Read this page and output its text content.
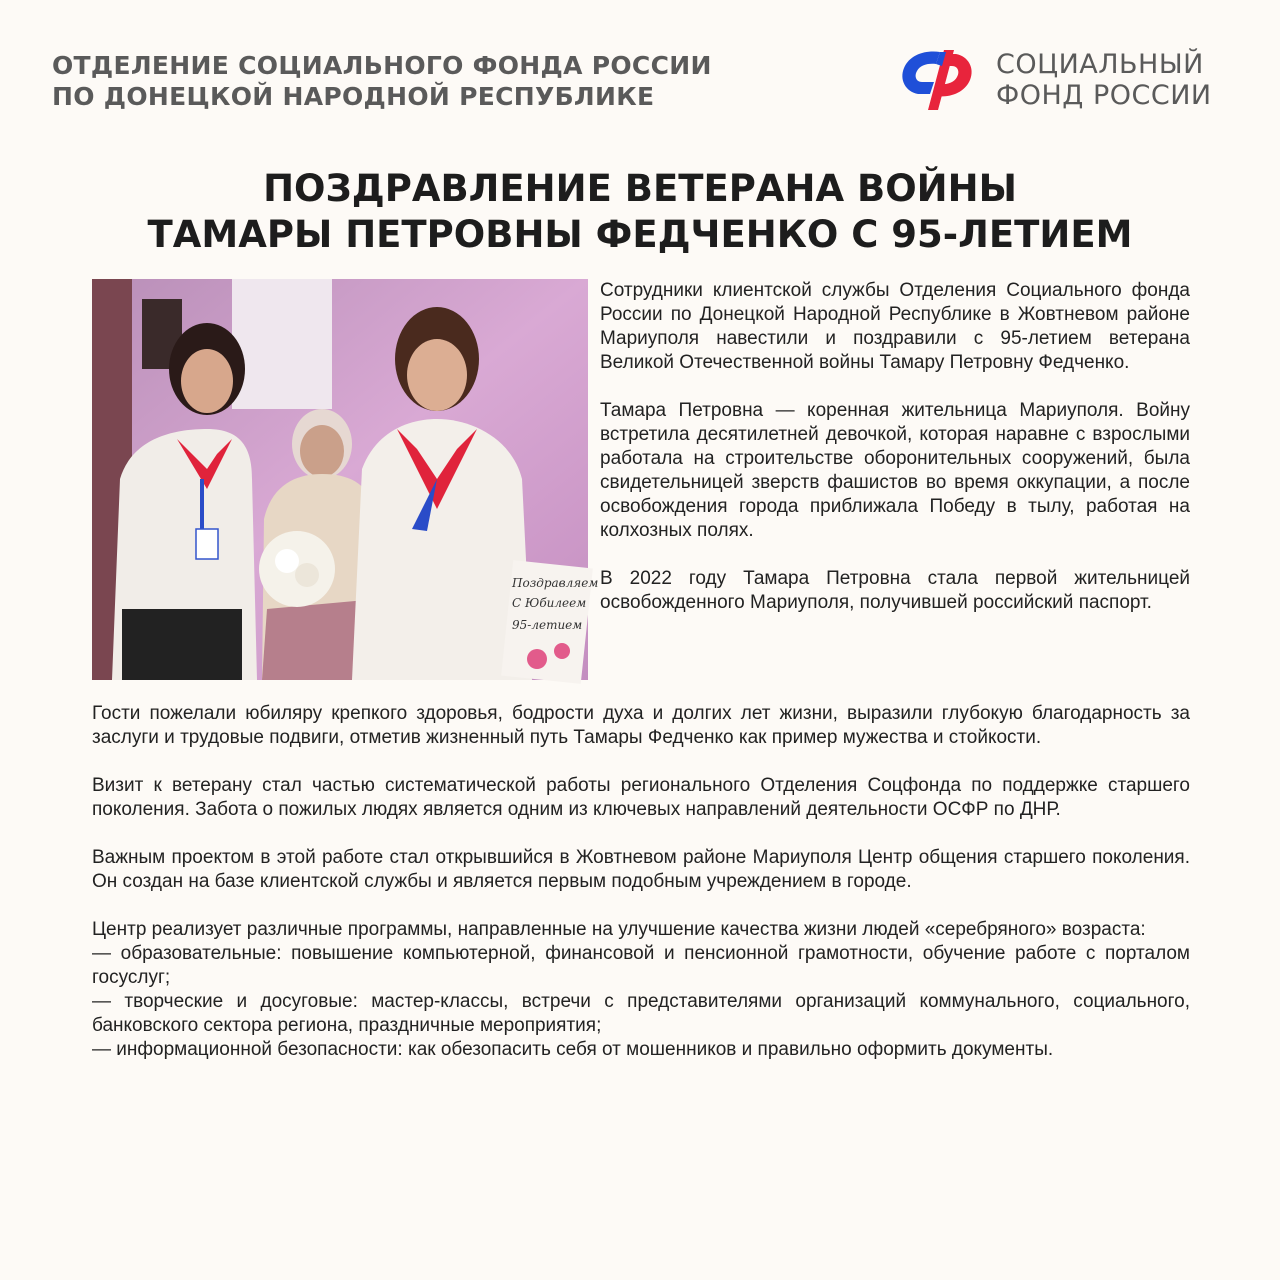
ОТДЕЛЕНИЕ СОЦИАЛЬНОГО ФОНДА РОССИИ
ПО ДОНЕЦКОЙ НАРОДНОЙ РЕСПУБЛИКЕ
СОЦИАЛЬНЫЙ
ФОНД РОССИИ
ПОЗДРАВЛЕНИЕ ВЕТЕРАНА ВОЙНЫ
ТАМАРЫ ПЕТРОВНЫ ФЕДЧЕНКО С 95-ЛЕТИЕМ
Поздравляем
С Юбилеем
95-летием

Сотрудники клиентской службы Отделения Социального фонда России по Донецкой Народной Республике в Жовтневом районе Мариуполя навестили и поздравили с 95-летием ветерана Великой Отечественной войны Тамару Петровну Федченко.

Тамара Петровна — коренная жительница Мариуполя. Войну встретила десятилетней девочкой, которая наравне с взрослыми работала на строительстве оборонительных сооружений, была свидетельницей зверств фашистов во время оккупации, а после освобождения города приближала Победу в тылу, работая на колхозных полях.

В 2022 году Тамара Петровна стала первой жительницей освобожденного Мариуполя, получившей российский паспорт.

Гости пожелали юбиляру крепкого здоровья, бодрости духа и долгих лет жизни, выразили глубокую благодарность за заслуги и трудовые подвиги, отметив жизненный путь Тамары Федченко как пример мужества и стойкости.

Визит к ветерану стал частью систематической работы регионального Отделения Соцфонда по поддержке старшего поколения. Забота о пожилых людях является одним из ключевых направлений деятельности ОСФР по ДНР.

Важным проектом в этой работе стал открывшийся в Жовтневом районе Мариуполя Центр общения старшего поколения. Он создан на базе клиентской службы и является первым подобным учреждением в городе.

Центр реализует различные программы, направленные на улучшение качества жизни людей «серебряного» возраста:

— образовательные: повышение компьютерной, финансовой и пенсионной грамотности, обучение работе с порталом госуслуг;

— творческие и досуговые: мастер-классы, встречи с представителями организаций коммунального, социального, банковского сектора региона, праздничные мероприятия;

— информационной безопасности: как обезопасить себя от мошенников и правильно оформить документы.
